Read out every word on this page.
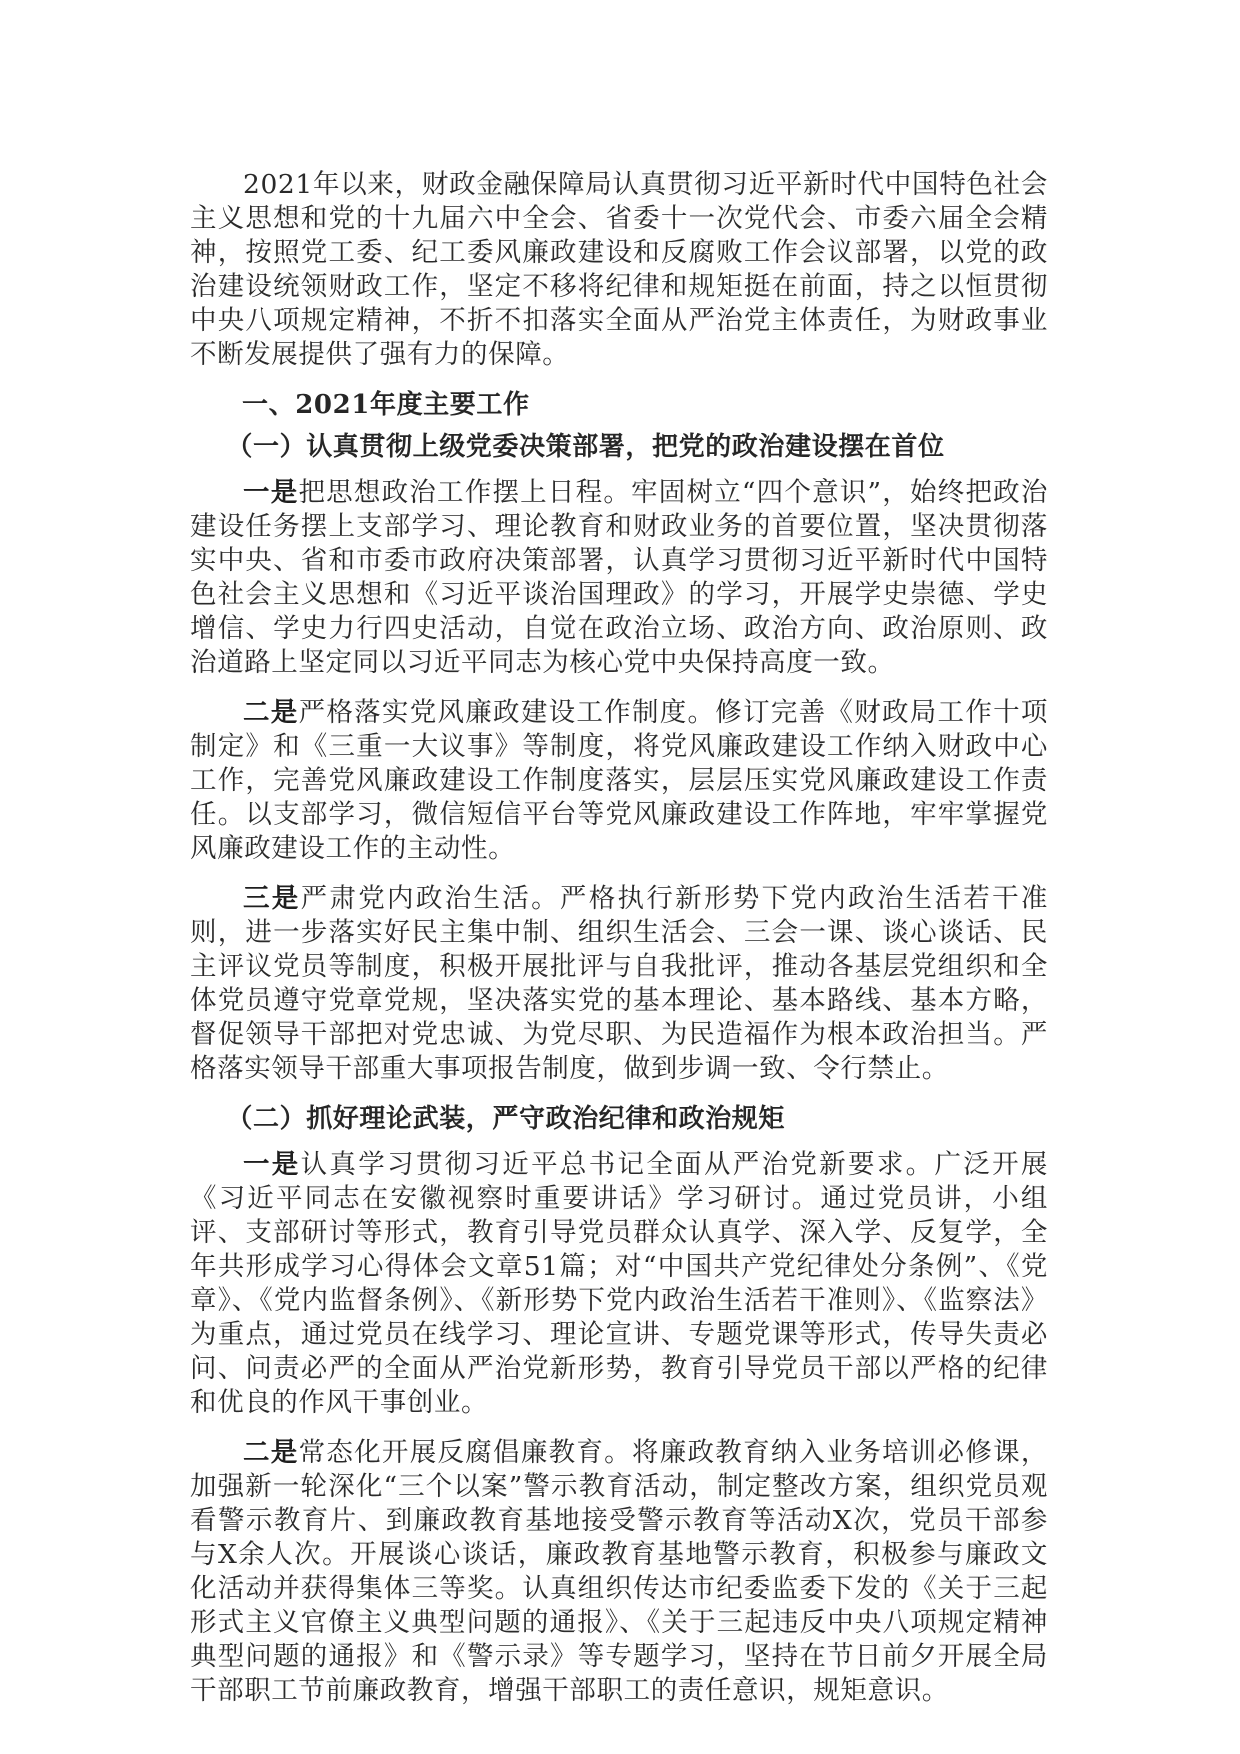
2021年以来，财政金融保障局认真贯彻习近平新时代中国特色社会主义思想和党的十九届六中全会、省委十一次党代会、市委六届全会精神，按照党工委、纪工委风廉政建设和反腐败工作会议部署，以党的政治建设统领财政工作，坚定不移将纪律和规矩挺在前面，持之以恒贯彻中央八项规定精神，不折不扣落实全面从严治党主体责任，为财政事业不断发展提供了强有力的保障。

一、2021年度主要工作
（一）认真贯彻上级党委决策部署，把党的政治建设摆在首位

一是把思想政治工作摆上日程。牢固树立“四个意识”，始终把政治建设任务摆上支部学习、理论教育和财政业务的首要位置，坚决贯彻落实中央、省和市委市政府决策部署，认真学习贯彻习近平新时代中国特色社会主义思想和《习近平谈治国理政》的学习，开展学史崇德、学史增信、学史力行四史活动，自觉在政治立场、政治方向、政治原则、政治道路上坚定同以习近平同志为核心党中央保持高度一致。

二是严格落实党风廉政建设工作制度。修订完善《财政局工作十项制定》和《三重一大议事》等制度，将党风廉政建设工作纳入财政中心工作，完善党风廉政建设工作制度落实，层层压实党风廉政建设工作责任。以支部学习，微信短信平台等党风廉政建设工作阵地，牢牢掌握党风廉政建设工作的主动性。

三是严肃党内政治生活。严格执行新形势下党内政治生活若干准则，进一步落实好民主集中制、组织生活会、三会一课、谈心谈话、民主评议党员等制度，积极开展批评与自我批评，推动各基层党组织和全体党员遵守党章党规，坚决落实党的基本理论、基本路线、基本方略，督促领导干部把对党忠诚、为党尽职、为民造福作为根本政治担当。严格落实领导干部重大事项报告制度，做到步调一致、令行禁止。

（二）抓好理论武装，严守政治纪律和政治规矩

一是认真学习贯彻习近平总书记全面从严治党新要求。广泛开展《习近平同志在安徽视察时重要讲话》学习研讨。通过党员讲，小组评、支部研讨等形式，教育引导党员群众认真学、深入学、反复学，全年共形成学习心得体会文章51篇；对“中国共产党纪律处分条例”、《党章》、《党内监督条例》、《新形势下党内政治生活若干准则》、《监察法》为重点，通过党员在线学习、理论宣讲、专题党课等形式，传导失责必问、问责必严的全面从严治党新形势，教育引导党员干部以严格的纪律和优良的作风干事创业。

二是常态化开展反腐倡廉教育。将廉政教育纳入业务培训必修课，加强新一轮深化“三个以案”警示教育活动，制定整改方案，组织党员观看警示教育片、到廉政教育基地接受警示教育等活动X次，党员干部参与X余人次。开展谈心谈话，廉政教育基地警示教育，积极参与廉政文化活动并获得集体三等奖。认真组织传达市纪委监委下发的《关于三起形式主义官僚主义典型问题的通报》、《关于三起违反中央八项规定精神典型问题的通报》和《警示录》等专题学习，坚持在节日前夕开展全局干部职工节前廉政教育，增强干部职工的责任意识，规矩意识。
